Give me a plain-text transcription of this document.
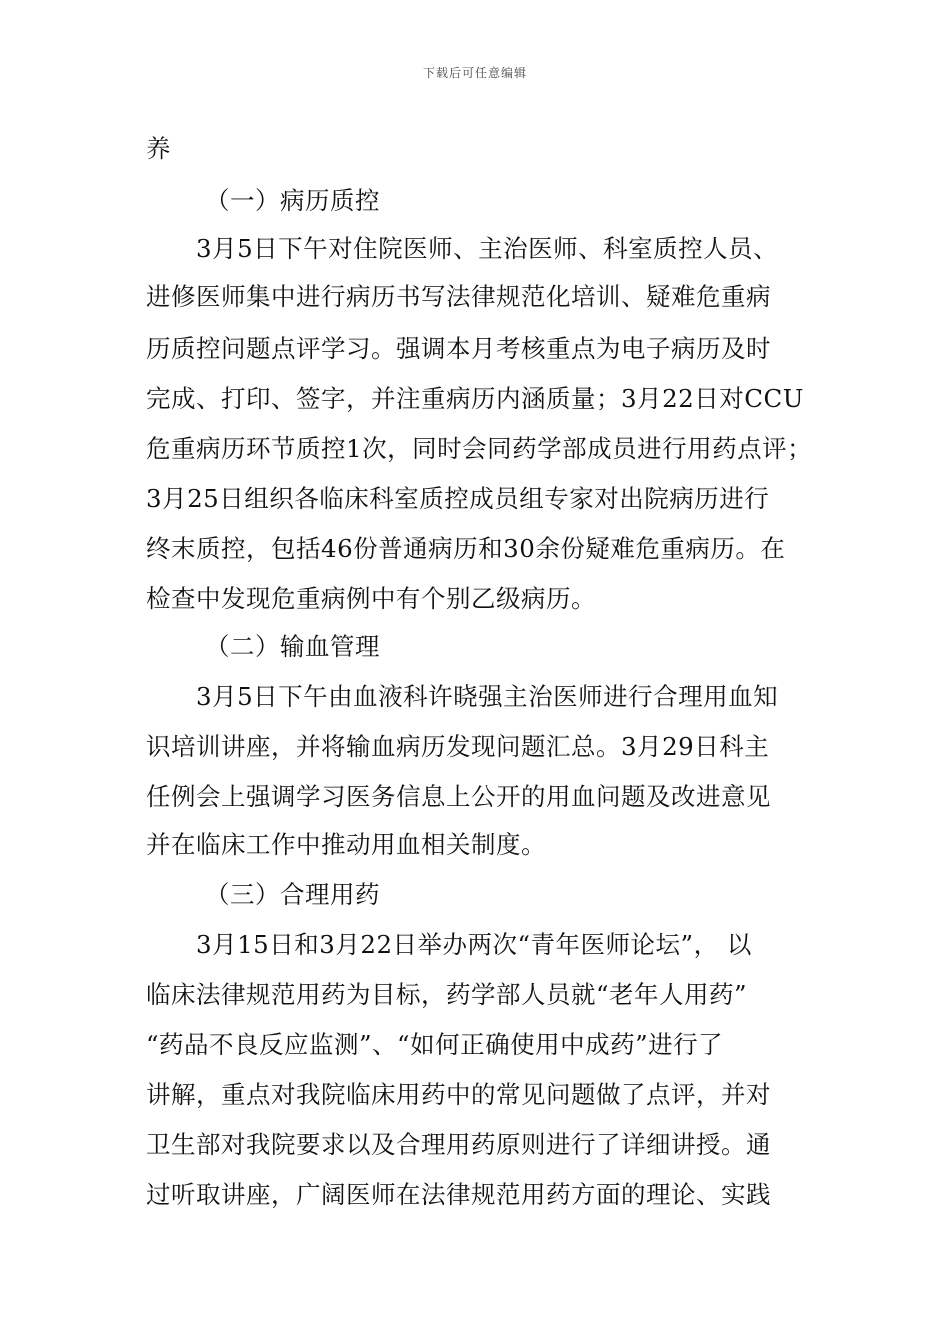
下载后可任意编辑
养
（一）病历质控
3月5日下午对住院医师、主治医师、科室质控人员、
进修医师集中进行病历书写法律规范化培训、疑难危重病
历质控问题点评学习。强调本月考核重点为电子病历及时
完成、打印、签字，并注重病历内涵质量；3月22日对CCU
危重病历环节质控1次，同时会同药学部成员进行用药点评；
3月25日组织各临床科室质控成员组专家对出院病历进行
终末质控，包括46份普通病历和30余份疑难危重病历。在
检查中发现危重病例中有个别乙级病历。
（二）输血管理
3月5日下午由血液科许晓强主治医师进行合理用血知
识培训讲座，并将输血病历发现问题汇总。3月29日科主
任例会上强调学习医务信息上公开的用血问题及改进意见
并在临床工作中推动用血相关制度。
（三）合理用药
3月15日和3月22日举办两次“青年医师论坛”， 以
临床法律规范用药为目标，药学部人员就“老年人用药”
“药品不良反应监测”、“如何正确使用中成药”进行了
讲解，重点对我院临床用药中的常见问题做了点评，并对
卫生部对我院要求以及合理用药原则进行了详细讲授。通
过听取讲座，广阔医师在法律规范用药方面的理论、实践
